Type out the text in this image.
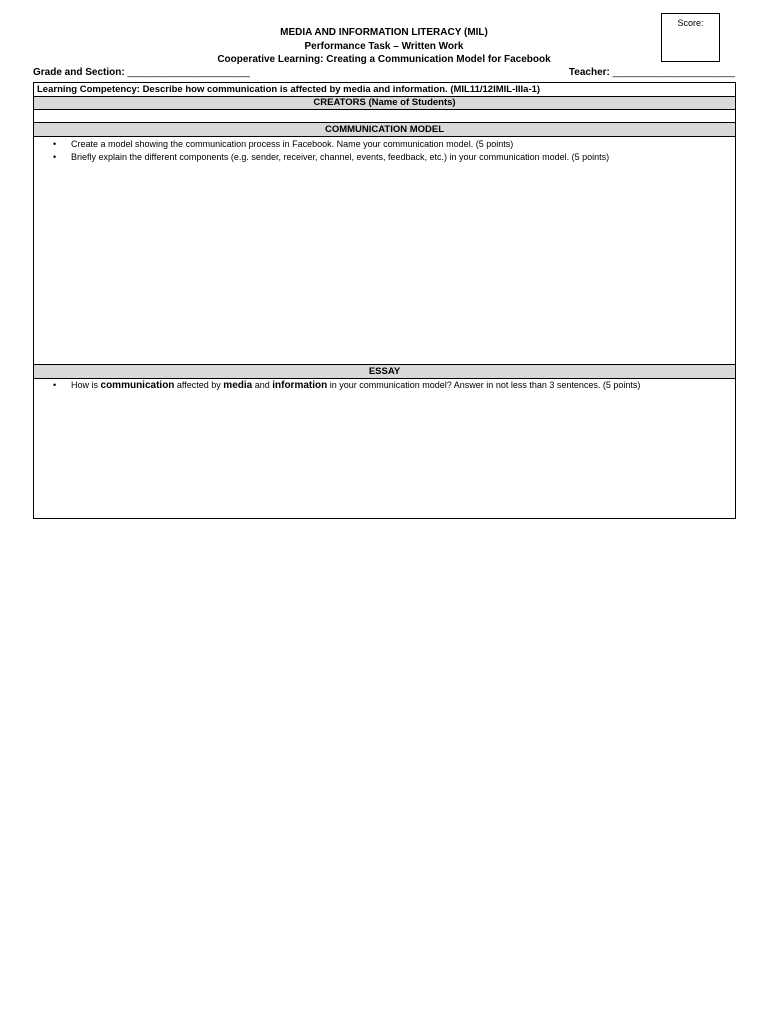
Score:
MEDIA AND INFORMATION LITERACY (MIL)
Performance Task – Written Work
Cooperative Learning: Creating a Communication Model for Facebook
Grade and Section: ______________________	Teacher: ______________________
Learning Competency: Describe how communication is affected by media and information. (MIL11/12IMIL-IIIa-1)
CREATORS (Name of Students)
COMMUNICATION MODEL
• Create a model showing the communication process in Facebook. Name your communication model. (5 points)
• Briefly explain the different components (e.g. sender, receiver, channel, events, feedback, etc.) in your communication model. (5 points)
ESSAY
• How is communication affected by media and information in your communication model? Answer in not less than 3 sentences. (5 points)
